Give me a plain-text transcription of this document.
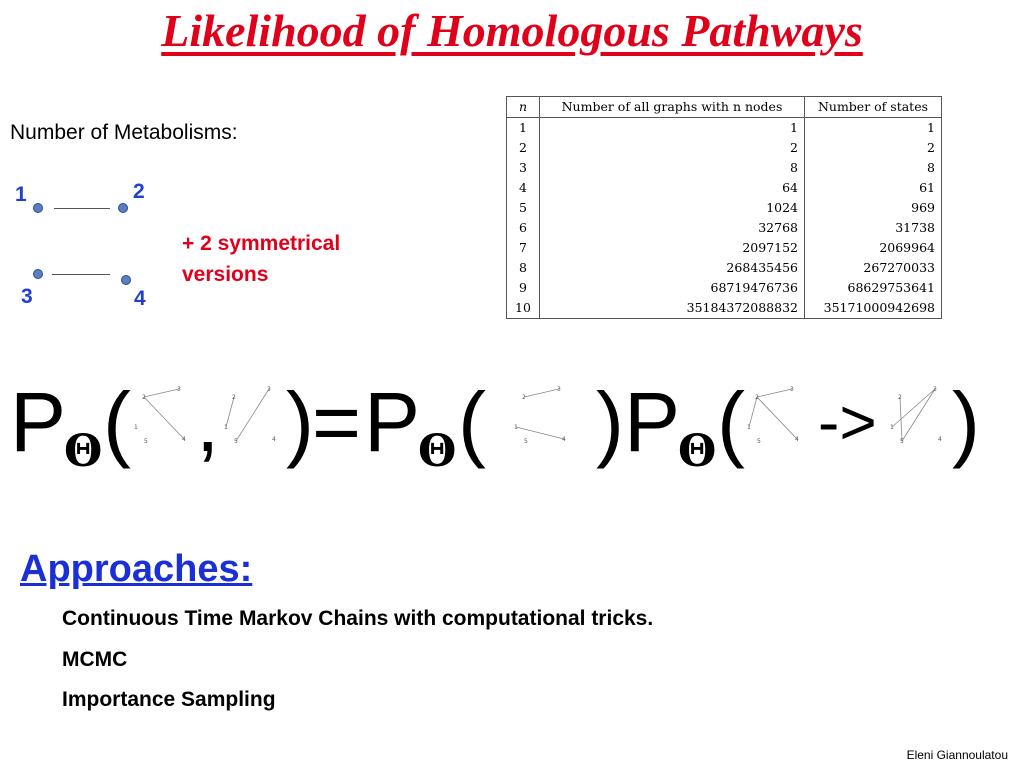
Likelihood of Homologous Pathways
Number of Metabolisms:
1	2
3	4
+ 2 symmetrical versions
n	Number of all graphs with n nodes	Number of states
1	1	1
2	2	2
3	8	8
4	64	61
5	1024	969
6	32768	31738
7	2097152	2069964
8	268435456	267270033
9	68719476736	68629753641
10	35184372088832	35171000942698
P
Θ ( 1
2
3
4
5 , 1
2
3
4
5 )
= P
Θ (	1
2
3
4
5 ) P
Θ ( 1
2
3
4
5 -> 1
2
3
4
5 )
Approaches:
Continuous Time Markov Chains with computational tricks.
MCMC
Importance Sampling
Eleni Giannoulatou
